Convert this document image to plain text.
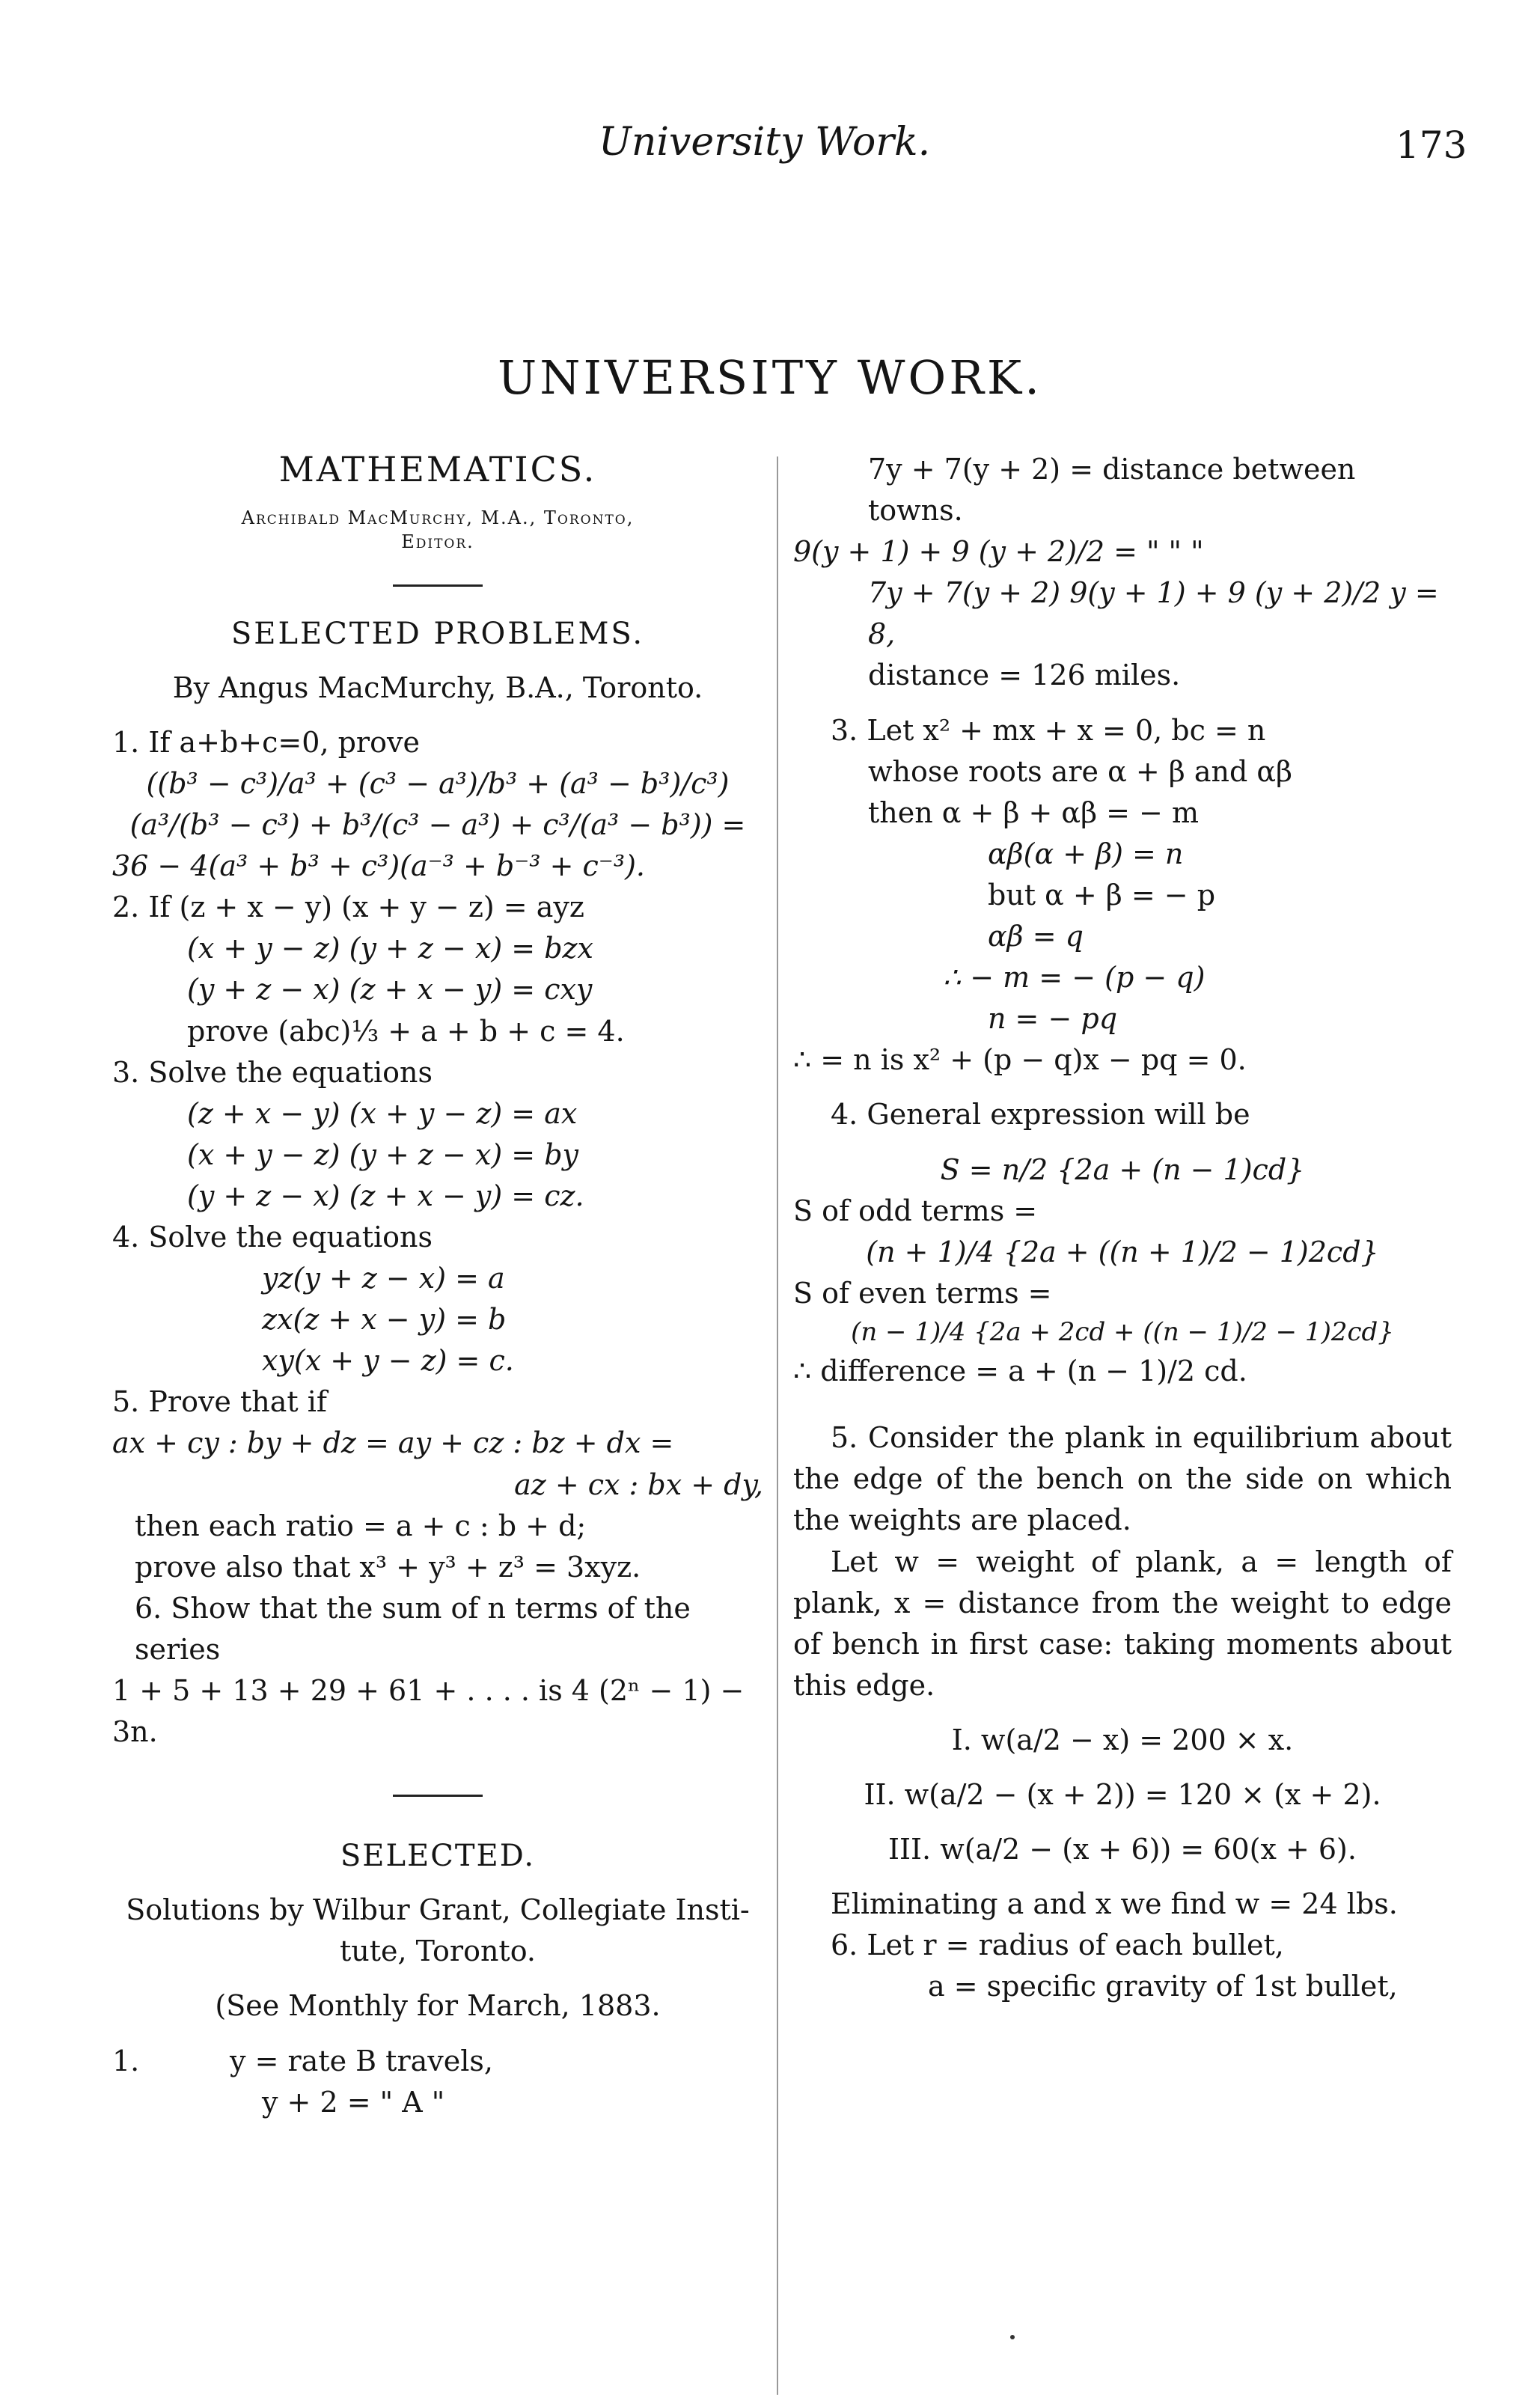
University Work.	173
UNIVERSITY WORK.
MATHEMATICS.
Archibald MacMurchy, M.A., Toronto,
Editor.
SELECTED PROBLEMS.
By Angus MacMurchy, B.A., Toronto.
1. If a+b+c=0, prove
((b³ − c³)/a³ + (c³ − a³)/b³ + (a³ − b³)/c³)
(a³/(b³ − c³) + b³/(c³ − a³) + c³/(a³ − b³)) =
36 − 4(a³ + b³ + c³)(a⁻³ + b⁻³ + c⁻³).
2. If (z + x − y) (x + y − z) = ayz
(x + y − z) (y + z − x) = bzx
(y + z − x) (z + x − y) = cxy
prove (abc)⅓ + a + b + c = 4.
3. Solve the equations
(z + x − y) (x + y − z) = ax
(x + y − z) (y + z − x) = by
(y + z − x) (z + x − y) = cz.
4. Solve the equations
yz(y + z − x) = a
zx(z + x − y) = b
xy(x + y − z) = c.
5. Prove that if
ax + cy : by + dz = ay + cz : bz + dx =
az + cx : bx + dy,
then each ratio = a + c : b + d;
prove also that x³ + y³ + z³ = 3xyz.
6. Show that the sum of n terms of the series
1 + 5 + 13 + 29 + 61 + . . . . is 4 (2ⁿ − 1) − 3n.
SELECTED.
Solutions by Wilbur Grant, Collegiate Insti-
tute, Toronto.
(See Monthly for March, 1883.
1.          y = rate B travels,
y + 2 = " A "
7y + 7(y + 2) = distance between towns.
9(y + 1) + 9 (y + 2)/2 = " " "
7y + 7(y + 2) 9(y + 1) + 9 (y + 2)/2 y = 8,
distance = 126 miles.
3. Let x² + mx + x = 0, bc = n
whose roots are α + β and αβ
then α + β + αβ = − m
αβ(α + β) = n
but α + β = − p
αβ = q
∴ − m = − (p − q)
n = − pq
∴ = n is x² + (p − q)x − pq = 0.
4. General expression will be
S = n/2 {2a + (n − 1)cd}
S of odd terms =
(n + 1)/4 {2a + ((n + 1)/2 − 1)2cd}
S of even terms =
(n − 1)/4 {2a + 2cd + ((n − 1)/2 − 1)2cd}
∴ difference = a + (n − 1)/2 cd.
5. Consider the plank in equilibrium about the edge of the bench on the side on which the weights are placed.
Let w = weight of plank, a = length of plank, x = distance from the weight to edge of bench in first case: taking moments about this edge.
I. w(a/2 − x) = 200 × x.
II. w(a/2 − (x + 2)) = 120 × (x + 2).
III. w(a/2 − (x + 6)) = 60(x + 6).
Eliminating a and x we find w = 24 lbs.
6. Let r = radius of each bullet,
a = specific gravity of 1st bullet,
